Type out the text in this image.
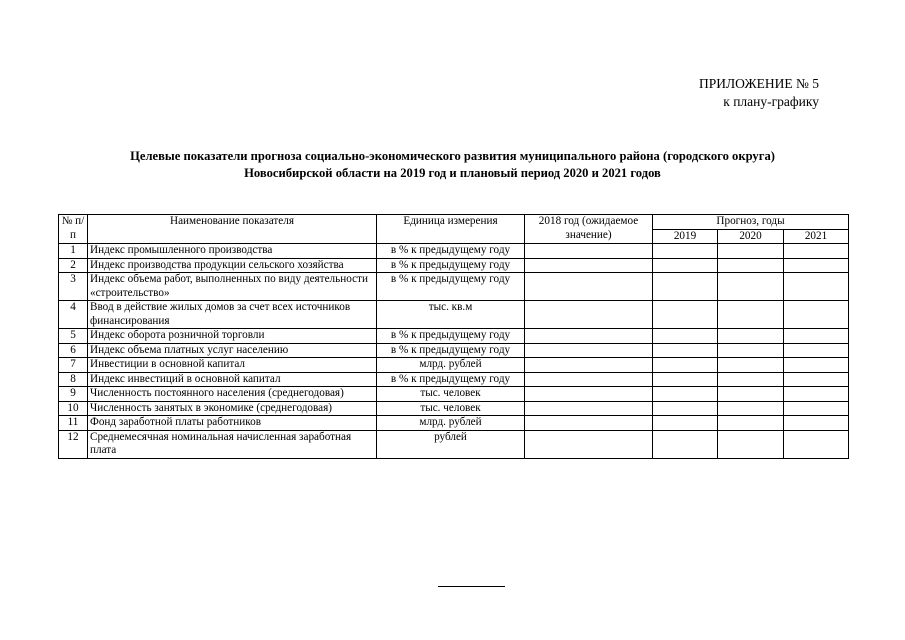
ПРИЛОЖЕНИЕ № 5
к плану-графику
Целевые показатели прогноза социально-экономического развития муниципального района (городского округа)
Новосибирской области на 2019 год и плановый период 2020 и 2021 годов
№ п/п	Наименование показателя	Единица измерения	2018 год (ожидаемое значение)	Прогноз, годы		
				2019	2020	2021
1	Индекс промышленного производства	в % к предыдущему году				
2	Индекс производства продукции сельского хозяйства	в % к предыдущему году				
3	Индекс объема работ, выполненных по виду деятельности «строительство»	в % к предыдущему году				
4	Ввод в действие жилых домов за счет всех источников финансирования	тыс. кв.м				
5	Индекс оборота розничной торговли	в % к предыдущему году				
6	Индекс объема платных услуг населению	в % к предыдущему году				
7	Инвестиции в основной капитал	млрд. рублей				
8	Индекс инвестиций в основной капитал	в % к предыдущему году				
9	Численность постоянного населения (среднегодовая)	тыс. человек				
10	Численность занятых в экономике (среднегодовая)	тыс. человек				
11	Фонд заработной платы работников	млрд. рублей				
12	Среднемесячная номинальная начисленная заработная плата	рублей				
